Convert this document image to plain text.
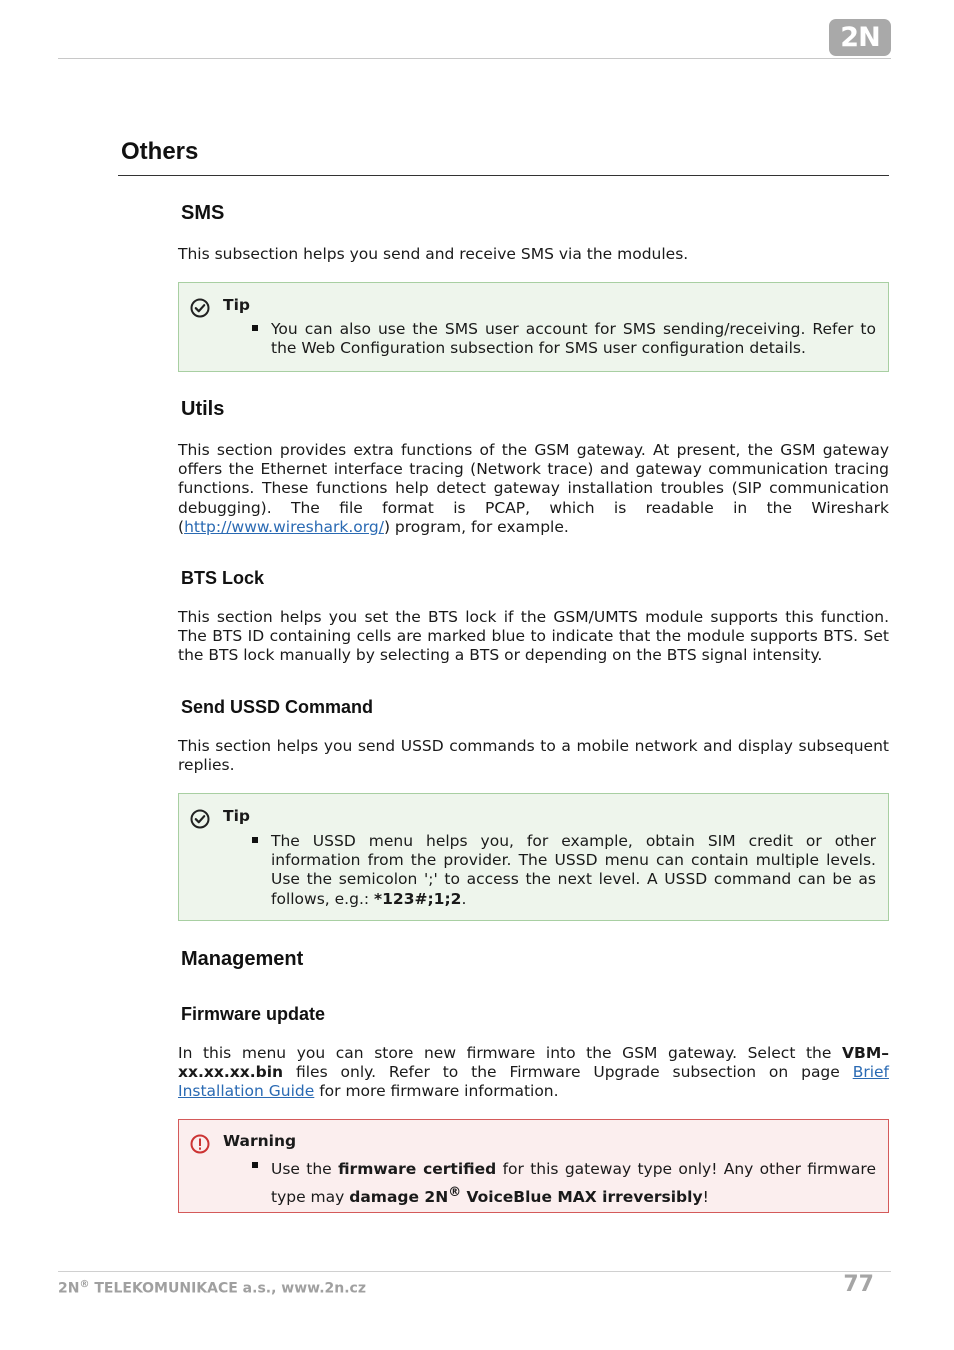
2N
Others
SMS
This subsection helps you send and receive SMS via the modules.
Tip
You can also use the SMS user account for SMS sending/receiving. Refer to the Web Configuration subsection for SMS user configuration details.
Utils
This section provides extra functions of the GSM gateway. At present, the GSM gateway offers the Ethernet interface tracing (Network trace) and gateway communication tracing functions. These functions help detect gateway installation troubles (SIP communication debugging). The file format is PCAP, which is readable in the Wireshark (http://www.wireshark.org/) program, for example.
BTS Lock
This section helps you set the BTS lock if the GSM/UMTS module supports this function. The BTS ID containing cells are marked blue to indicate that the module supports BTS. Set the BTS lock manually by selecting a BTS or depending on the BTS signal intensity.
Send USSD Command
This section helps you send USSD commands to a mobile network and display subsequent replies.
Tip
The USSD menu helps you, for example, obtain SIM credit or other information from the provider. The USSD menu can contain multiple levels. Use the semicolon ';' to access the next level. A USSD command can be as follows, e.g.: *123#;1;2.
Management
Firmware update
In this menu you can store new firmware into the GSM gateway. Select the VBM–xx.xx.xx.bin files only. Refer to the Firmware Upgrade subsection on page Brief Installation Guide for more firmware information.
Warning
Use the firmware certified for this gateway type only! Any other firmware type may damage 2N® VoiceBlue MAX irreversibly!
2N® TELEKOMUNIKACE a.s., www.2n.cz	77
